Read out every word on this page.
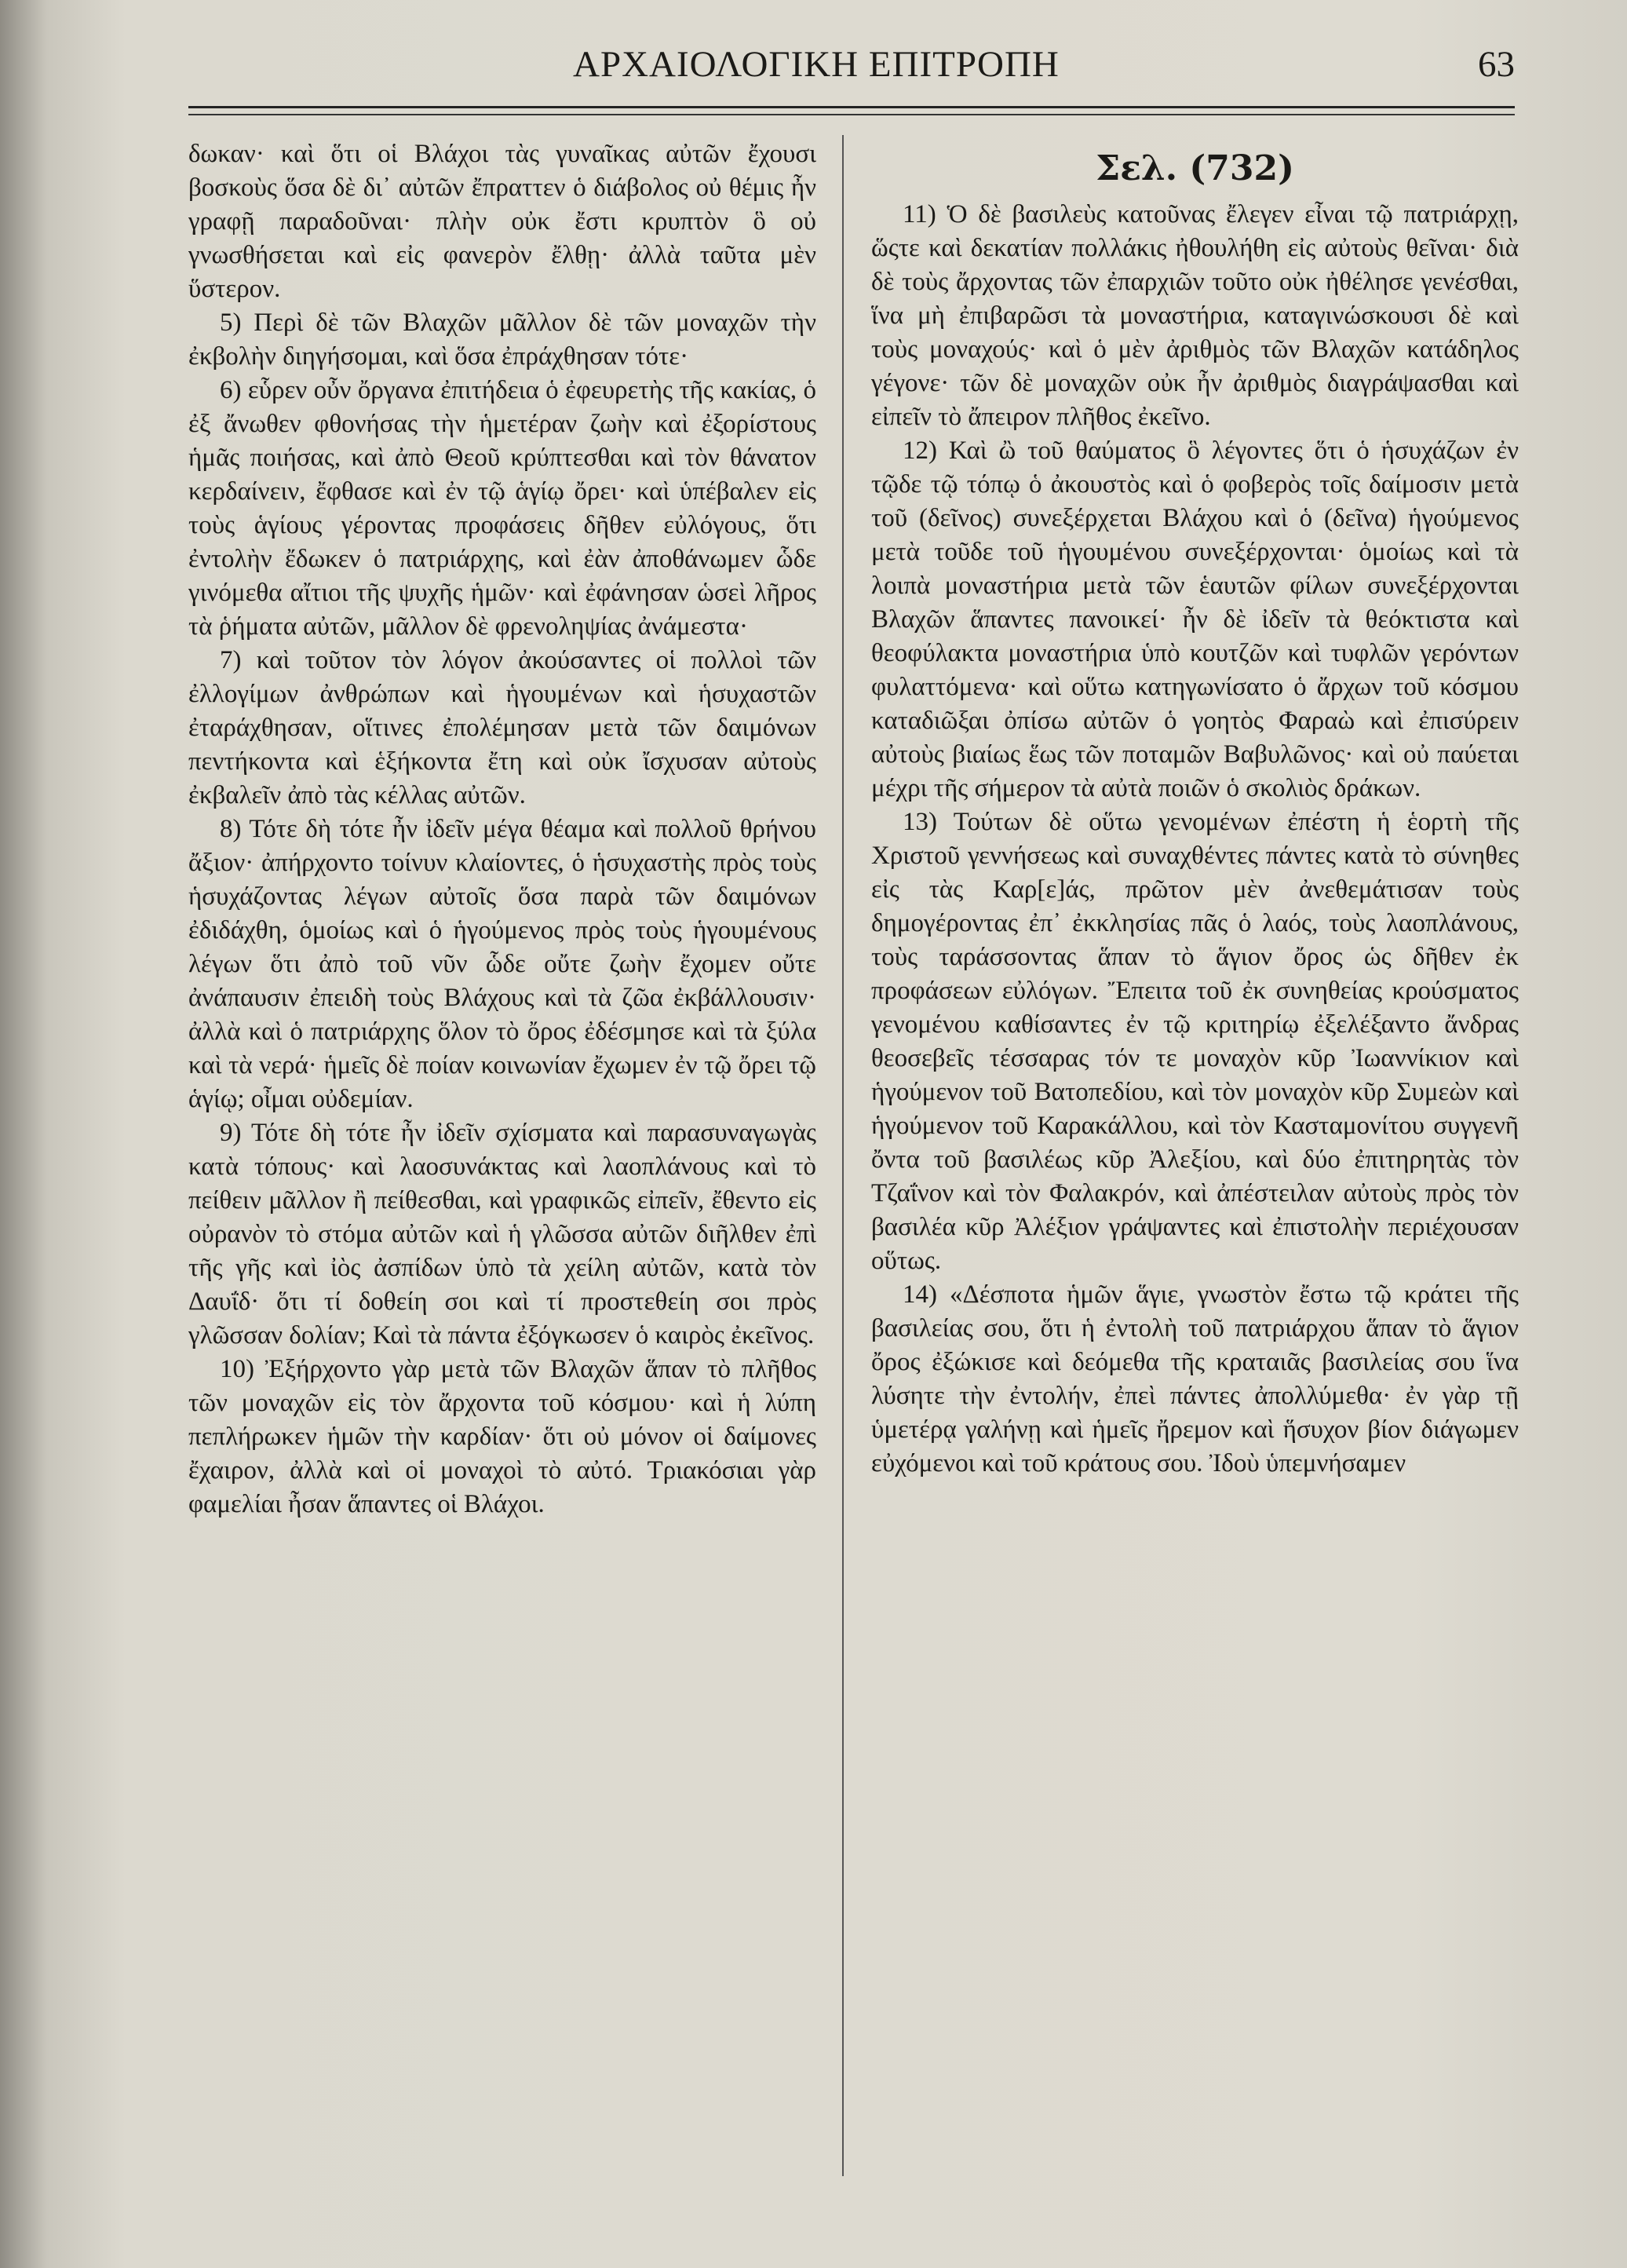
ΑΡΧΑΙΟΛΟΓΙΚΗ ΕΠΙΤΡΟΠΗ	63

δωκαν· καὶ ὅτι οἱ Βλάχοι τὰς γυναῖκας αὐτῶν ἔχουσι βοσκοὺς ὅσα δὲ δι᾿ αὐτῶν ἔπραττεν ὁ διάβολος οὐ θέμις ἦν γραφῇ παραδοῦναι· πλὴν οὐκ ἔστι κρυπτὸν ὃ οὐ γνωσθήσεται καὶ εἰς φανερὸν ἔλθῃ· ἀλλὰ ταῦτα μὲν ὕστερον.

5) Περὶ δὲ τῶν Βλαχῶν μᾶλλον δὲ τῶν μοναχῶν τὴν ἐκβολὴν διηγήσομαι, καὶ ὅσα ἐπράχθησαν τότε·

6) εὗρεν οὖν ὄργανα ἐπιτήδεια ὁ ἐφευρετὴς τῆς κακίας, ὁ ἐξ ἄνωθεν φθονήσας τὴν ἡμετέραν ζωὴν καὶ ἐξορίστους ἡμᾶς ποιήσας, καὶ ἀπὸ Θεοῦ κρύπτεσθαι καὶ τὸν θάνατον κερδαίνειν, ἔφθασε καὶ ἐν τῷ ἁγίῳ ὄρει· καὶ ὑπέβαλεν εἰς τοὺς ἁγίους γέροντας προφάσεις δῆθεν εὐλόγους, ὅτι ἐντολὴν ἔδωκεν ὁ πατριάρχης, καὶ ἐὰν ἀποθάνωμεν ὧδε γινόμεθα αἴτιοι τῆς ψυχῆς ἡμῶν· καὶ ἐφάνησαν ὡσεὶ λῆρος τὰ ῥήματα αὐτῶν, μᾶλλον δὲ φρενοληψίας ἀνάμεστα·

7) καὶ τοῦτον τὸν λόγον ἀκούσαντες οἱ πολλοὶ τῶν ἐλλογίμων ἀνθρώπων καὶ ἡγουμένων καὶ ἡσυχαστῶν ἐταράχθησαν, οἵτινες ἐπολέμησαν μετὰ τῶν δαιμόνων πεντήκοντα καὶ ἑξήκοντα ἔτη καὶ οὐκ ἴσχυσαν αὐτοὺς ἐκβαλεῖν ἀπὸ τὰς κέλλας αὐτῶν.

8) Τότε δὴ τότε ἦν ἰδεῖν μέγα θέαμα καὶ πολλοῦ θρήνου ἄξιον· ἀπήρχοντο τοίνυν κλαίοντες, ὁ ἡσυχαστὴς πρὸς τοὺς ἡσυχάζοντας λέγων αὐτοῖς ὅσα παρὰ τῶν δαιμόνων ἐδιδάχθη, ὁμοίως καὶ ὁ ἡγούμενος πρὸς τοὺς ἡγουμένους λέγων ὅτι ἀπὸ τοῦ νῦν ὧδε οὔτε ζωὴν ἔχομεν οὔτε ἀνάπαυσιν ἐπειδὴ τοὺς Βλάχους καὶ τὰ ζῶα ἐκβάλλουσιν· ἀλλὰ καὶ ὁ πατριάρχης ὅλον τὸ ὄρος ἐδέσμησε καὶ τὰ ξύλα καὶ τὰ νερά· ἡμεῖς δὲ ποίαν κοινωνίαν ἔχωμεν ἐν τῷ ὄρει τῷ ἁγίῳ; οἶμαι οὐδεμίαν.

9) Τότε δὴ τότε ἦν ἰδεῖν σχίσματα καὶ παρασυναγωγὰς κατὰ τόπους· καὶ λαοσυνάκτας καὶ λαοπλάνους καὶ τὸ πείθειν μᾶλλον ἢ πείθεσθαι, καὶ γραφικῶς εἰπεῖν, ἔθεντο εἰς οὐρανὸν τὸ στόμα αὐτῶν καὶ ἡ γλῶσσα αὐτῶν διῆλθεν ἐπὶ τῆς γῆς καὶ ἰὸς ἀσπίδων ὑπὸ τὰ χείλη αὐτῶν, κατὰ τὸν Δαυΐδ· ὅτι τί δοθείη σοι καὶ τί προστεθείη σοι πρὸς γλῶσσαν δολίαν; Καὶ τὰ πάντα ἐξόγκωσεν ὁ καιρὸς ἐκεῖνος.

10) Ἐξήρχοντο γὰρ μετὰ τῶν Βλαχῶν ἅπαν τὸ πλῆθος τῶν μοναχῶν εἰς τὸν ἄρχοντα τοῦ κόσμου· καὶ ἡ λύπη πεπλήρωκεν ἡμῶν τὴν καρδίαν· ὅτι οὐ μόνον οἱ δαίμονες ἔχαιρον, ἀλλὰ καὶ οἱ μοναχοὶ τὸ αὐτό. Τριακόσιαι γὰρ φαμελίαι ἦσαν ἅπαντες οἱ Βλάχοι.

Σελ. (732)

11) Ὁ δὲ βασιλεὺς κατοῦνας ἔλεγεν εἶναι τῷ πατριάρχῃ, ὥςτε καὶ δεκατίαν πολλάκις ἠθουλήθη εἰς αὐτοὺς θεῖναι· διὰ δὲ τοὺς ἄρχοντας τῶν ἐπαρχιῶν τοῦτο οὐκ ἠθέλησε γενέσθαι, ἵνα μὴ ἐπιβαρῶσι τὰ μοναστήρια, καταγινώσκουσι δὲ καὶ τοὺς μοναχούς· καὶ ὁ μὲν ἀριθμὸς τῶν Βλαχῶν κατάδηλος γέγονε· τῶν δὲ μοναχῶν οὐκ ἦν ἀριθμὸς διαγράψασθαι καὶ εἰπεῖν τὸ ἄπειρον πλῆθος ἐκεῖνο.

12) Καὶ ὢ τοῦ θαύματος ὃ λέγοντες ὅτι ὁ ἡσυχάζων ἐν τῷδε τῷ τόπῳ ὁ ἀκουστὸς καὶ ὁ φοβερὸς τοῖς δαίμοσιν μετὰ τοῦ (δεῖνος) συνεξέρχεται Βλάχου καὶ ὁ (δεῖνα) ἡγούμενος μετὰ τοῦδε τοῦ ἡγουμένου συνεξέρχονται· ὁμοίως καὶ τὰ λοιπὰ μοναστήρια μετὰ τῶν ἑαυτῶν φίλων συνεξέρχονται Βλαχῶν ἅπαντες πανοικεί· ἦν δὲ ἰδεῖν τὰ θεόκτιστα καὶ θεοφύλακτα μοναστήρια ὑπὸ κουτζῶν καὶ τυφλῶν γερόντων φυλαττόμενα· καὶ οὕτω κατηγωνίσατο ὁ ἄρχων τοῦ κόσμου καταδιῶξαι ὀπίσω αὐτῶν ὁ γοητὸς Φαραὼ καὶ ἐπισύρειν αὐτοὺς βιαίως ἕως τῶν ποταμῶν Βαβυλῶνος· καὶ οὐ παύεται μέχρι τῆς σήμερον τὰ αὐτὰ ποιῶν ὁ σκολιὸς δράκων.

13) Τούτων δὲ οὕτω γενομένων ἐπέστη ἡ ἑορτὴ τῆς Χριστοῦ γεννήσεως καὶ συναχθέντες πάντες κατὰ τὸ σύνηθες εἰς τὰς Καρ[ε]άς, πρῶτον μὲν ἀνεθεμάτισαν τοὺς δημογέροντας ἐπ᾿ ἐκκλησίας πᾶς ὁ λαός, τοὺς λαοπλάνους, τοὺς ταράσσοντας ἅπαν τὸ ἅγιον ὄρος ὡς δῆθεν ἐκ προφάσεων εὐλόγων. Ἔπειτα τοῦ ἐκ συνηθείας κρούσματος γενομένου καθίσαντες ἐν τῷ κριτηρίῳ ἐξελέξαντο ἄνδρας θεοσεβεῖς τέσσαρας τόν τε μοναχὸν κῦρ Ἰωαννίκιον καὶ ἡγούμενον τοῦ Βατοπεδίου, καὶ τὸν μοναχὸν κῦρ Συμεὼν καὶ ἡγούμενον τοῦ Καρακάλλου, καὶ τὸν Κασταμονίτου συγγενῆ ὄντα τοῦ βασιλέως κῦρ Ἀλεξίου, καὶ δύο ἐπιτηρητὰς τὸν Τζαΐνον καὶ τὸν Φαλακρόν, καὶ ἀπέστειλαν αὐτοὺς πρὸς τὸν βασιλέα κῦρ Ἀλέξιον γράψαντες καὶ ἐπιστολὴν περιέχουσαν οὕτως.

14) «Δέσποτα ἡμῶν ἅγιε, γνωστὸν ἔστω τῷ κράτει τῆς βασιλείας σου, ὅτι ἡ ἐντολὴ τοῦ πατριάρχου ἅπαν τὸ ἅγιον ὄρος ἐξώκισε καὶ δεόμεθα τῆς κραταιᾶς βασιλείας σου ἵνα λύσητε τὴν ἐντολήν, ἐπεὶ πάντες ἀπολλύμεθα· ἐν γὰρ τῇ ὑμετέρᾳ γαλήνῃ καὶ ἡμεῖς ἤρεμον καὶ ἥσυχον βίον διάγωμεν εὐχόμενοι καὶ τοῦ κράτους σου. Ἰδοὺ ὑπεμνήσαμεν
